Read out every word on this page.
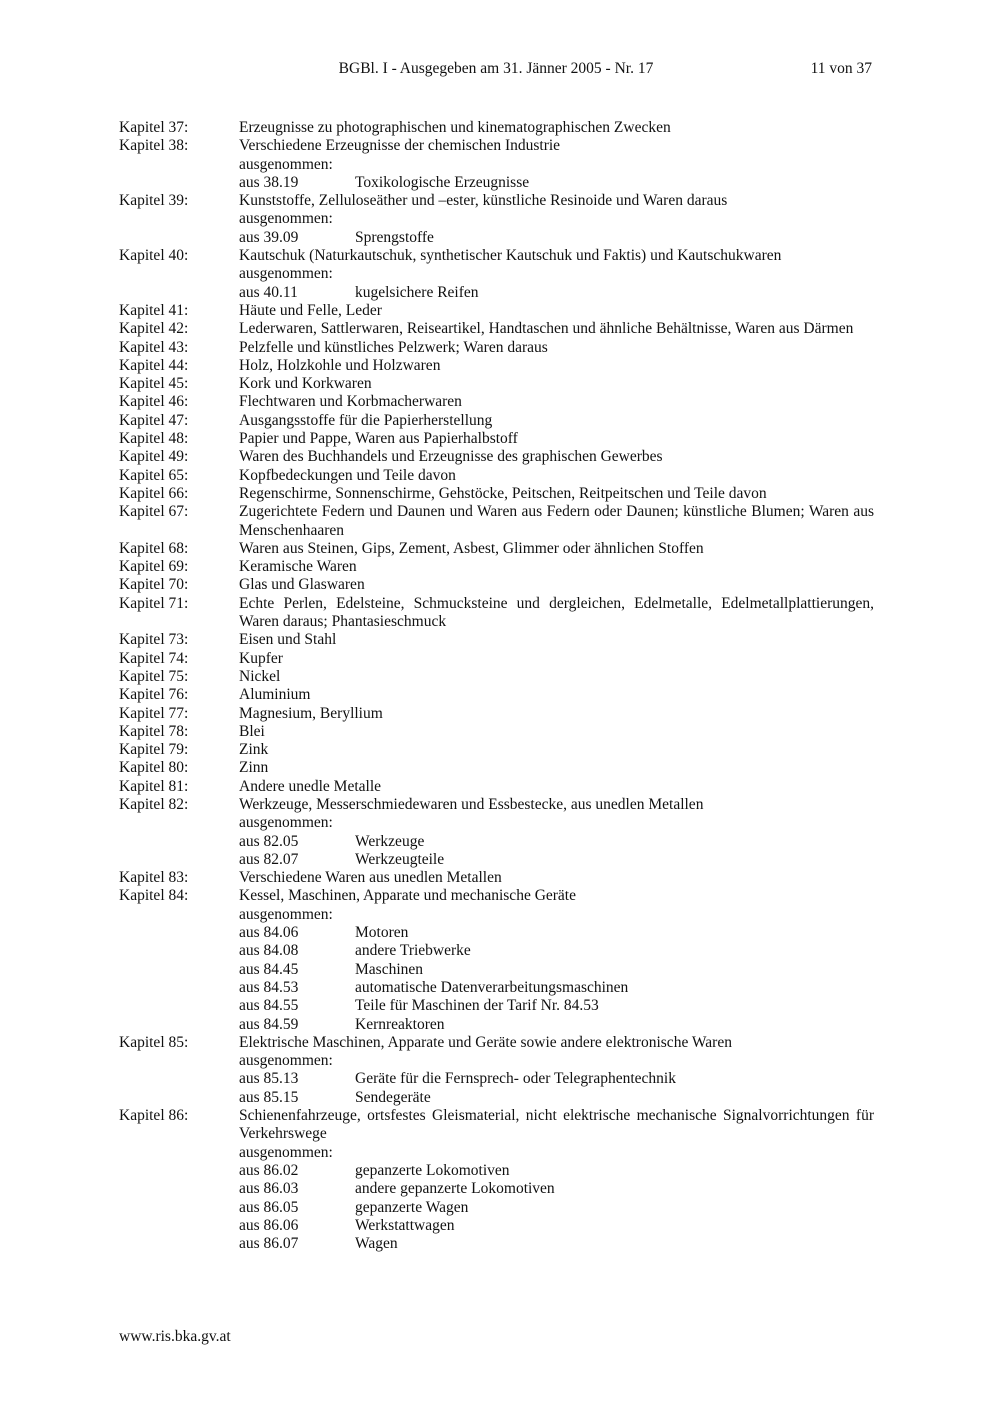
BGBl. I - Ausgegeben am 31. Jänner 2005 - Nr. 17	11 von 37
Kapitel 37:	Erzeugnisse zu photographischen und kinematographischen Zwecken
Kapitel 38:	Verschiedene Erzeugnisse der chemischen Industrie
ausgenommen:
aus 38.19	Toxikologische Erzeugnisse
Kapitel 39:	Kunststoffe, Zelluloseäther und –ester, künstliche Resinoide und Waren daraus
ausgenommen:
aus 39.09	Sprengstoffe
Kapitel 40:	Kautschuk (Naturkautschuk, synthetischer Kautschuk und Faktis) und Kautschukwaren
ausgenommen:
aus 40.11	kugelsichere Reifen
Kapitel 41:	Häute und Felle, Leder
Kapitel 42:	Lederwaren, Sattlerwaren, Reiseartikel, Handtaschen und ähnliche Behältnisse, Waren aus Därmen
Kapitel 43:	Pelzfelle und künstliches Pelzwerk; Waren daraus
Kapitel 44:	Holz, Holzkohle und Holzwaren
Kapitel 45:	Kork und Korkwaren
Kapitel 46:	Flechtwaren und Korbmacherwaren
Kapitel 47:	Ausgangsstoffe für die Papierherstellung
Kapitel 48:	Papier und Pappe, Waren aus Papierhalbstoff
Kapitel 49:	Waren des Buchhandels und Erzeugnisse des graphischen Gewerbes
Kapitel 65:	Kopfbedeckungen und Teile davon
Kapitel 66:	Regenschirme, Sonnenschirme, Gehstöcke, Peitschen, Reitpeitschen und Teile davon
Kapitel 67:	Zugerichtete Federn und Daunen und Waren aus Federn oder Daunen; künstliche Blumen; Waren aus Menschenhaaren
Kapitel 68:	Waren aus Steinen, Gips, Zement, Asbest, Glimmer oder ähnlichen Stoffen
Kapitel 69:	Keramische Waren
Kapitel 70:	Glas und Glaswaren
Kapitel 71:	Echte Perlen, Edelsteine, Schmucksteine und dergleichen, Edelmetalle, Edelmetallplattierungen, Waren daraus; Phantasieschmuck
Kapitel 73:	Eisen und Stahl
Kapitel 74:	Kupfer
Kapitel 75:	Nickel
Kapitel 76:	Aluminium
Kapitel 77:	Magnesium, Beryllium
Kapitel 78:	Blei
Kapitel 79:	Zink
Kapitel 80:	Zinn
Kapitel 81:	Andere unedle Metalle
Kapitel 82:	Werkzeuge, Messerschmiedewaren und Essbestecke, aus unedlen Metallen
ausgenommen:
aus 82.05	Werkzeuge
aus 82.07	Werkzeugteile
Kapitel 83:	Verschiedene Waren aus unedlen Metallen
Kapitel 84:	Kessel, Maschinen, Apparate und mechanische Geräte
ausgenommen:
aus 84.06	Motoren
aus 84.08	andere Triebwerke
aus 84.45	Maschinen
aus 84.53	automatische Datenverarbeitungsmaschinen
aus 84.55	Teile für Maschinen der Tarif Nr. 84.53
aus 84.59	Kernreaktoren
Kapitel 85:	Elektrische Maschinen, Apparate und Geräte sowie andere elektronische Waren
ausgenommen:
aus 85.13	Geräte für die Fernsprech- oder Telegraphentechnik
aus 85.15	Sendegeräte
Kapitel 86:	Schienenfahrzeuge, ortsfestes Gleismaterial, nicht elektrische mechanische Signalvorrichtungen für Verkehrswege
ausgenommen:
aus 86.02	gepanzerte Lokomotiven
aus 86.03	andere gepanzerte Lokomotiven
aus 86.05	gepanzerte Wagen
aus 86.06	Werkstattwagen
aus 86.07	Wagen
www.ris.bka.gv.at
